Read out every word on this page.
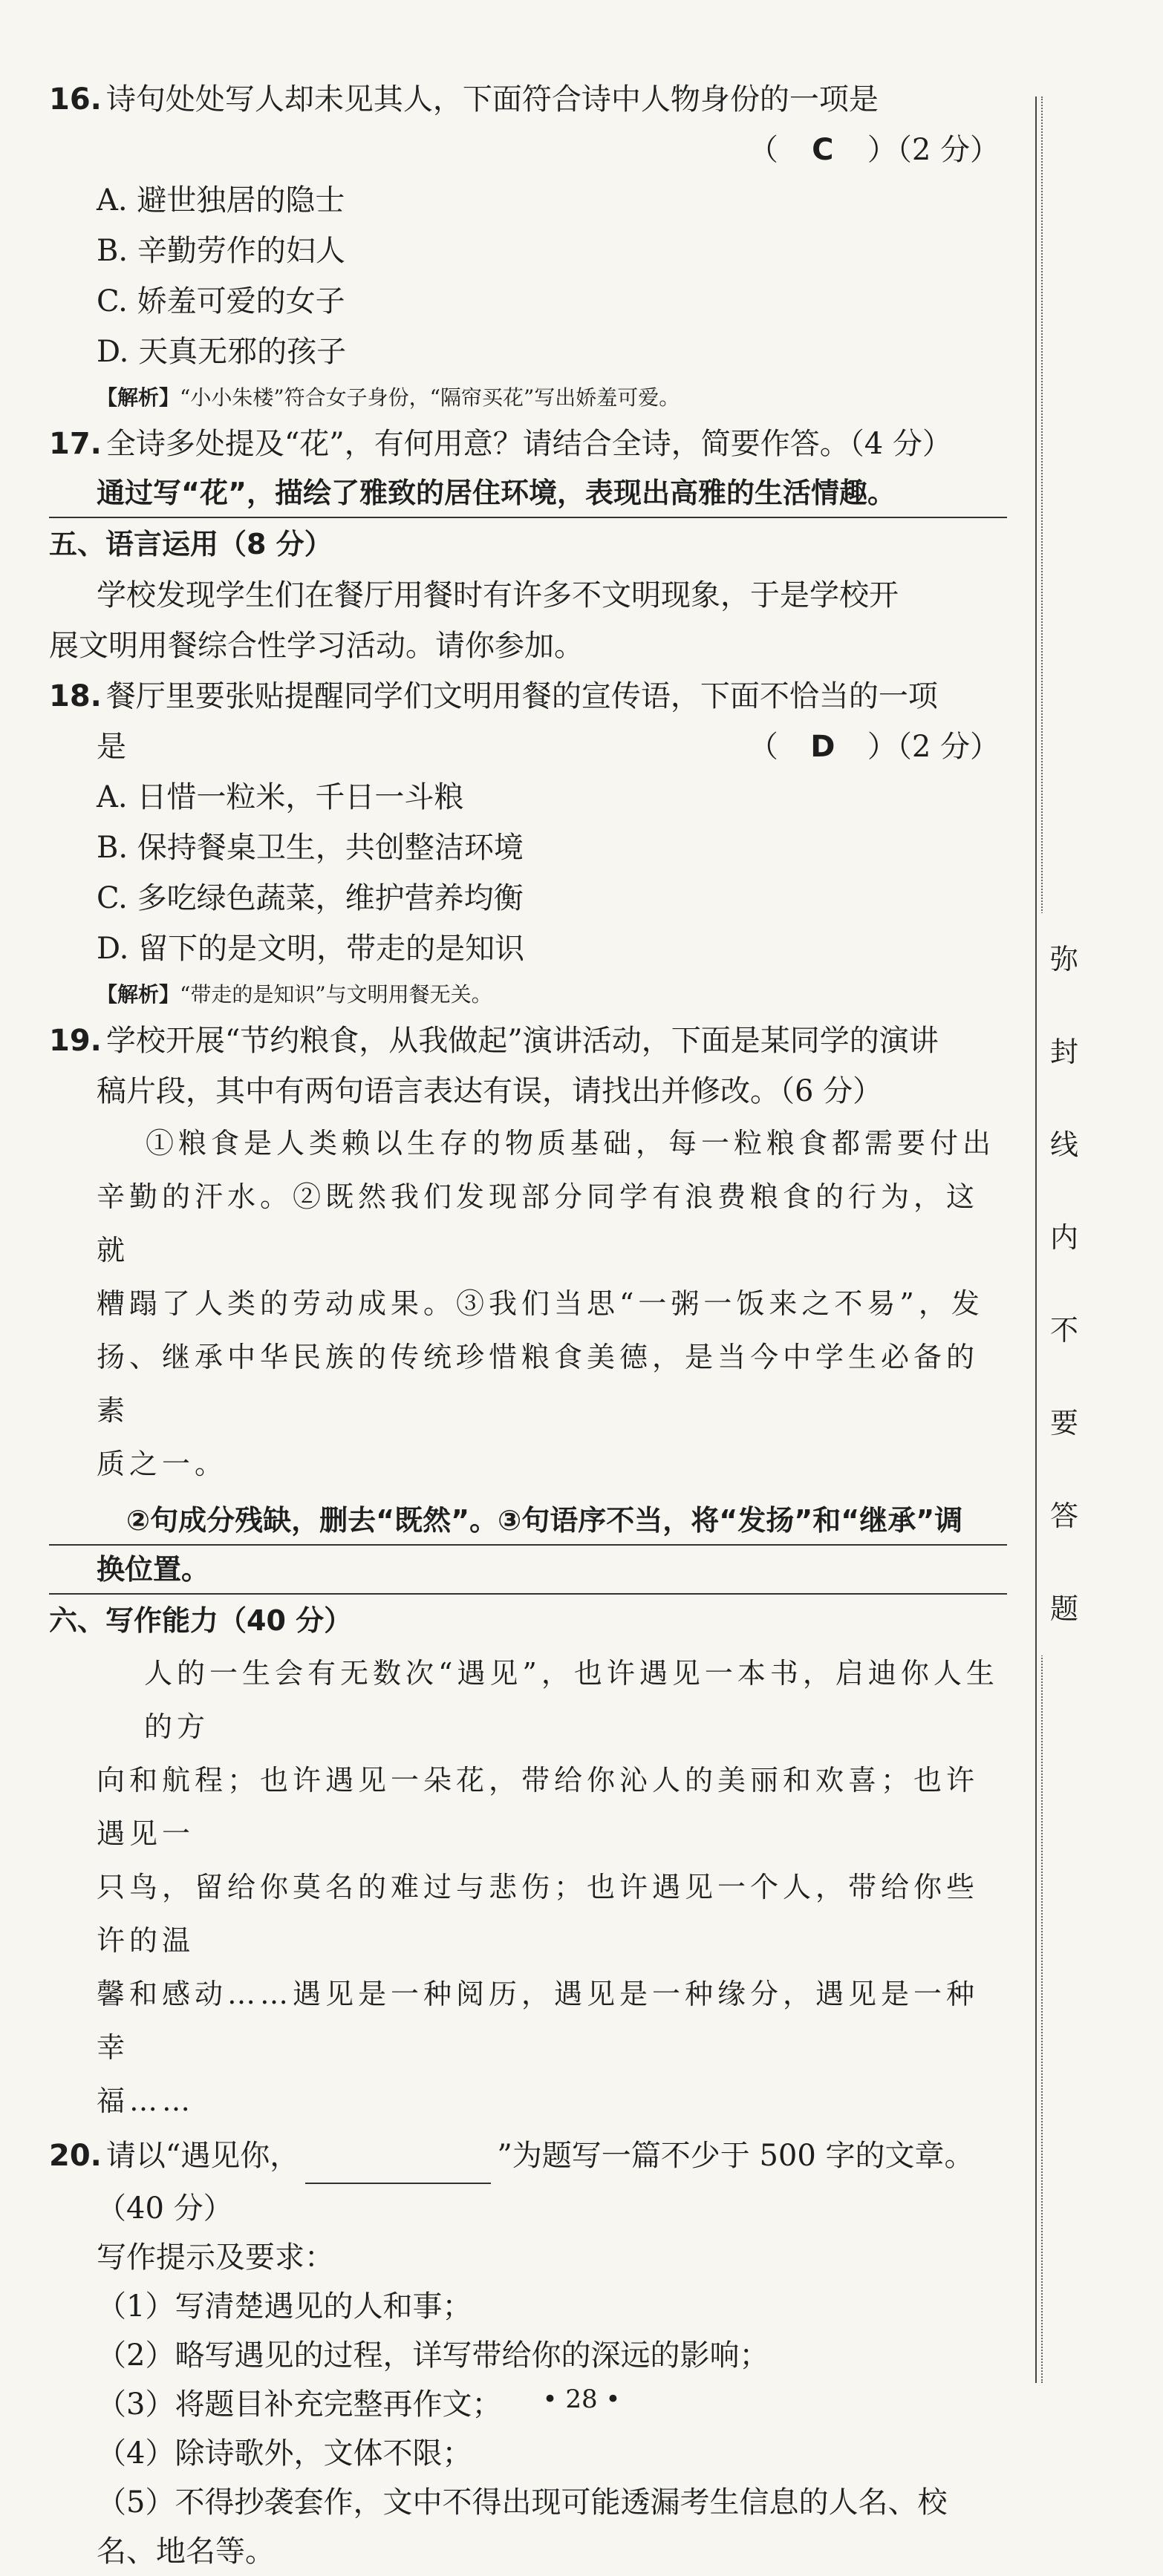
16. 诗句处处写人却未见其人，下面符合诗中人物身份的一项是
（ C ）（2 分）
A. 避世独居的隐士
B. 辛勤劳作的妇人
C. 娇羞可爱的女子
D. 天真无邪的孩子
【解析】“小小朱楼”符合女子身份，“隔帘买花”写出娇羞可爱。
17. 全诗多处提及“花”，有何用意？请结合全诗，简要作答。（4 分）
通过写“花”，描绘了雅致的居住环境，表现出高雅的生活情趣。
五、语言运用（8 分）
学校发现学生们在餐厅用餐时有许多不文明现象，于是学校开
展文明用餐综合性学习活动。请你参加。
18. 餐厅里要张贴提醒同学们文明用餐的宣传语，下面不恰当的一项
是	（ D ）（2 分）
A. 日惜一粒米，千日一斗粮
B. 保持餐桌卫生，共创整洁环境
C. 多吃绿色蔬菜，维护营养均衡
D. 留下的是文明，带走的是知识
【解析】“带走的是知识”与文明用餐无关。
19. 学校开展“节约粮食，从我做起”演讲活动，下面是某同学的演讲
稿片段，其中有两句语言表达有误，请找出并修改。（6 分）
①粮食是人类赖以生存的物质基础，每一粒粮食都需要付出
辛勤的汗水。②既然我们发现部分同学有浪费粮食的行为，这就
糟蹋了人类的劳动成果。③我们当思“一粥一饭来之不易”，发
扬、继承中华民族的传统珍惜粮食美德，是当今中学生必备的素
质之一。
②句成分残缺，删去“既然”。③句语序不当，将“发扬”和“继承”调
换位置。
六、写作能力（40 分）
人的一生会有无数次“遇见”，也许遇见一本书，启迪你人生的方
向和航程；也许遇见一朵花，带给你沁人的美丽和欢喜；也许遇见一
只鸟，留给你莫名的难过与悲伤；也许遇见一个人，带给你些许的温
馨和感动……遇见是一种阅历，遇见是一种缘分，遇见是一种幸
福……
20. 请以“遇见你，	”为题写一篇不少于 500 字的文章。
（40 分）
写作提示及要求：
（1）写清楚遇见的人和事；
（2）略写遇见的过程，详写带给你的深远的影响；
（3）将题目补充完整再作文；
（4）除诗歌外，文体不限；
（5）不得抄袭套作，文中不得出现可能透漏考生信息的人名、校
名、地名等。
弥
封
线
内
不
要
答
题
• 28 •
